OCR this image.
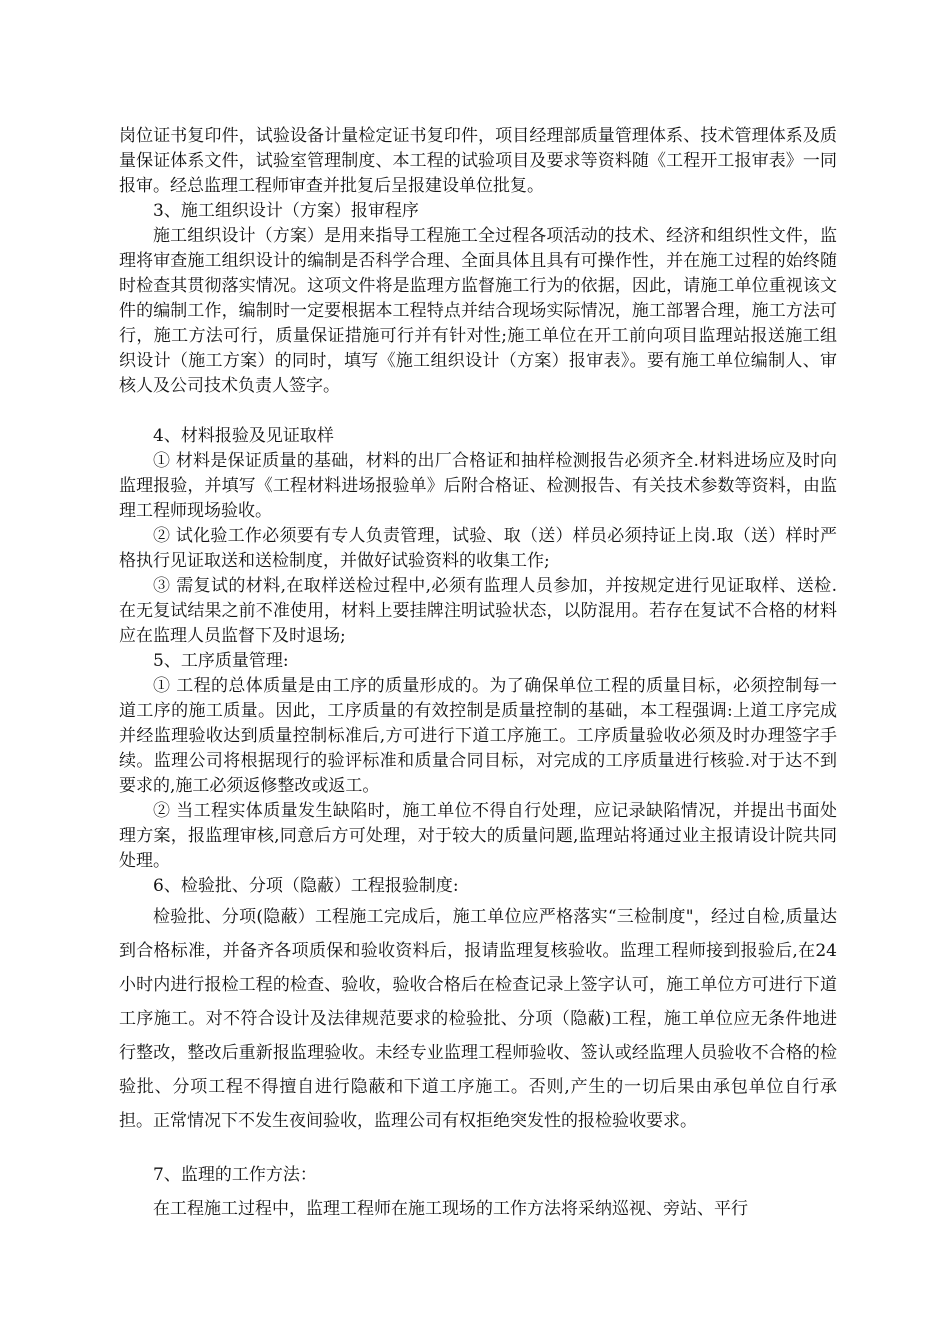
岗位证书复印件，试验设备计量检定证书复印件，项目经理部质量管理体系、技术管理体系及质量保证体系文件，试验室管理制度、本工程的试验项目及要求等资料随《工程开工报审表》一同报审。经总监理工程师审查并批复后呈报建设单位批复。

3、施工组织设计（方案）报审程序

施工组织设计（方案）是用来指导工程施工全过程各项活动的技术、经济和组织性文件，监理将审查施工组织设计的编制是否科学合理、全面具体且具有可操作性，并在施工过程的始终随时检查其贯彻落实情况。这项文件将是监理方监督施工行为的依据，因此，请施工单位重视该文件的编制工作，编制时一定要根据本工程特点并结合现场实际情况，施工部署合理，施工方法可行，施工方法可行，质量保证措施可行并有针对性;施工单位在开工前向项目监理站报送施工组织设计（施工方案）的同时，填写《施工组织设计（方案）报审表》。要有施工单位编制人、审核人及公司技术负责人签字。

4、材料报验及见证取样

① 材料是保证质量的基础，材料的出厂合格证和抽样检测报告必须齐全.材料进场应及时向监理报验，并填写《工程材料进场报验单》后附合格证、检测报告、有关技术参数等资料，由监理工程师现场验收。

② 试化验工作必须要有专人负责管理，试验、取（送）样员必须持证上岗.取（送）样时严格执行见证取送和送检制度，并做好试验资料的收集工作;

③ 需复试的材料,在取样送检过程中,必须有监理人员参加，并按规定进行见证取样、送检.在无复试结果之前不准使用，材料上要挂牌注明试验状态，以防混用。若存在复试不合格的材料应在监理人员监督下及时退场;

5、工序质量管理:

① 工程的总体质量是由工序的质量形成的。为了确保单位工程的质量目标，必须控制每一道工序的施工质量。因此，工序质量的有效控制是质量控制的基础，本工程强调:上道工序完成并经监理验收达到质量控制标准后,方可进行下道工序施工。工序质量验收必须及时办理签字手续。监理公司将根据现行的验评标准和质量合同目标，对完成的工序质量进行核验.对于达不到要求的,施工必须返修整改或返工。

② 当工程实体质量发生缺陷时，施工单位不得自行处理，应记录缺陷情况，并提出书面处理方案，报监理审核,同意后方可处理，对于较大的质量问题,监理站将通过业主报请设计院共同处理。

6、检验批、分项（隐蔽）工程报验制度:

检验批、分项(隐蔽）工程施工完成后，施工单位应严格落实“三检制度"，经过自检,质量达到合格标准，并备齐各项质保和验收资料后，报请监理复核验收。监理工程师接到报验后,在24小时内进行报检工程的检查、验收，验收合格后在检查记录上签字认可，施工单位方可进行下道工序施工。对不符合设计及法律规范要求的检验批、分项（隐蔽)工程，施工单位应无条件地进行整改，整改后重新报监理验收。未经专业监理工程师验收、签认或经监理人员验收不合格的检验批、分项工程不得擅自进行隐蔽和下道工序施工。否则,产生的一切后果由承包单位自行承担。正常情况下不发生夜间验收，监理公司有权拒绝突发性的报检验收要求。

7、监理的工作方法：

在工程施工过程中，监理工程师在施工现场的工作方法将采纳巡视、旁站、平行
